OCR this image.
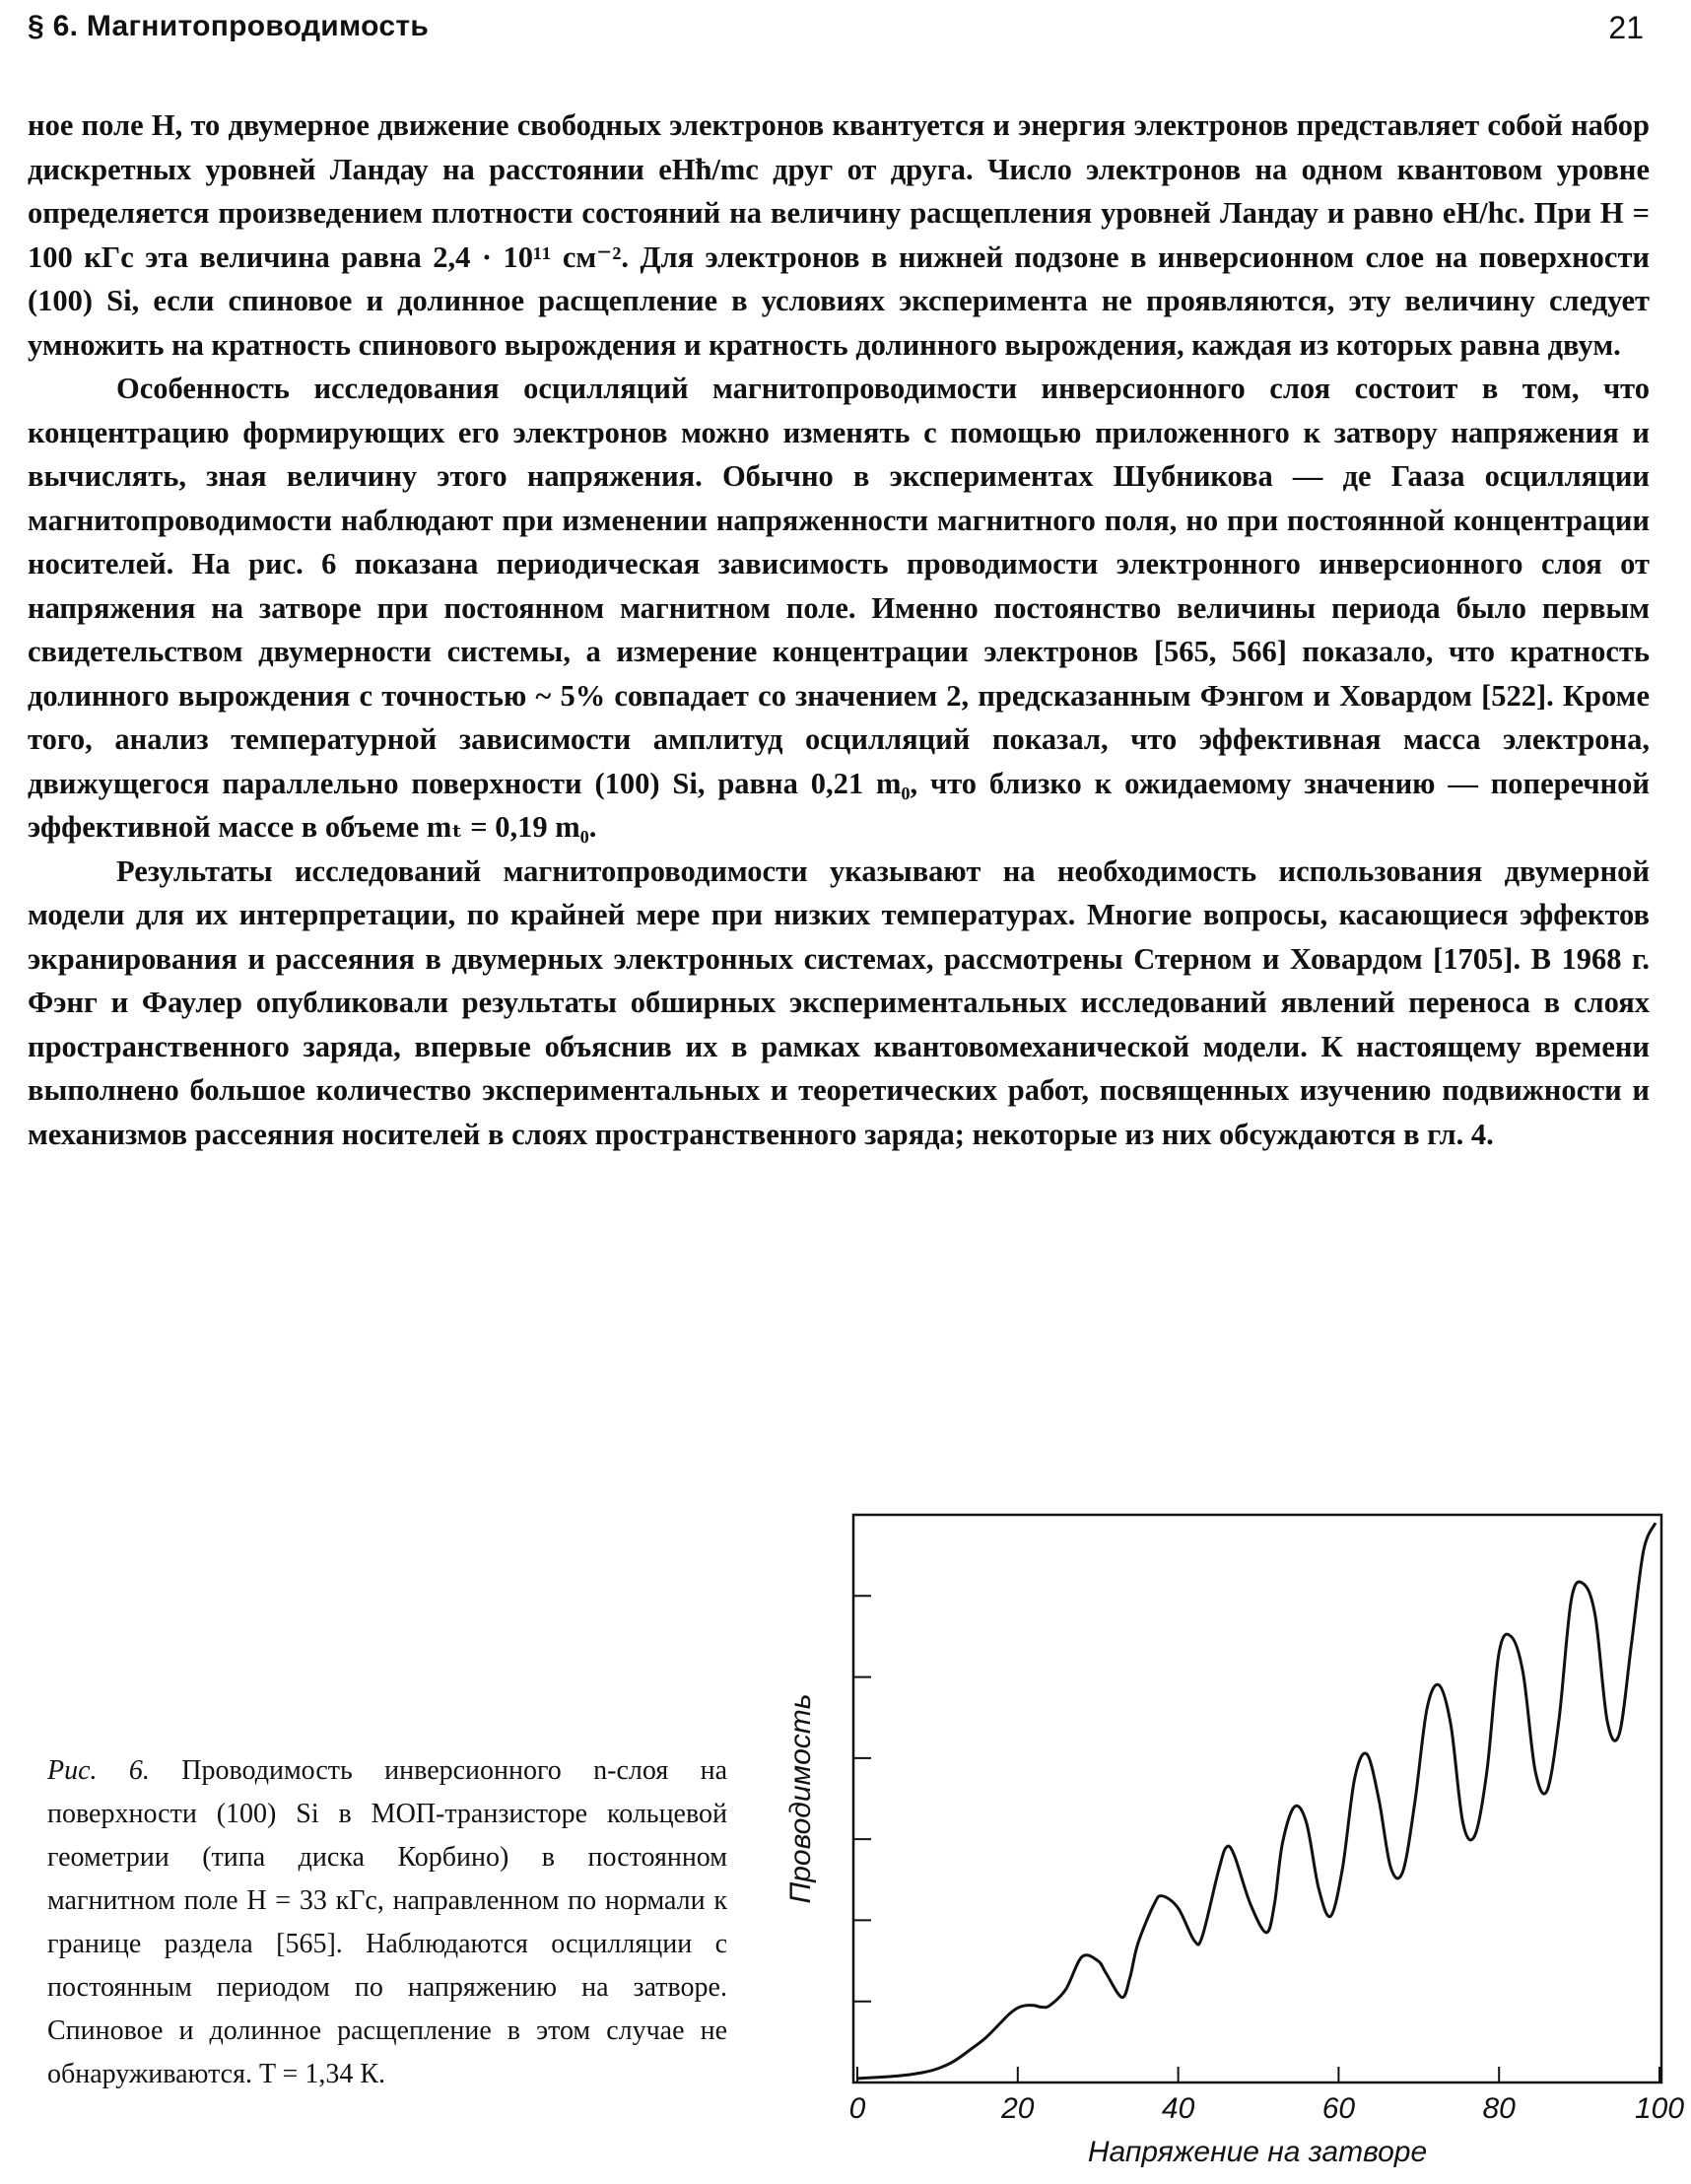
§ 6. Магнитопроводимость	21

ное поле H, то двумерное движение свободных электронов квантуется и энергия электронов представляет собой набор дискретных уровней Ландау на расстоянии eHħ/mc друг от друга. Число электронов на одном квантовом уровне определяется произведением плотности состояний на величину расщепления уровней Ландау и равно eH/hc. При H = 100 кГс эта величина равна 2,4 · 10¹¹ см⁻². Для электронов в нижней подзоне в инверсионном слое на поверхности (100) Si, если спиновое и долинное расщепление в условиях эксперимента не проявляются, эту величину следует умножить на кратность спинового вырождения и кратность долинного вырождения, каждая из которых равна двум.

Особенность исследования осцилляций магнитопроводимости инверсионного слоя состоит в том, что концентрацию формирующих его электронов можно изменять с помощью приложенного к затвору напряжения и вычислять, зная величину этого напряжения. Обычно в экспериментах Шубникова — де Гааза осцилляции магнитопроводимости наблюдают при изменении напряженности магнитного поля, но при постоянной концентрации носителей. На рис. 6 показана периодическая зависимость проводимости электронного инверсионного слоя от напряжения на затворе при постоянном магнитном поле. Именно постоянство величины периода было первым свидетельством двумерности системы, а измерение концентрации электронов [565, 566] показало, что кратность долинного вырождения с точностью ~ 5% совпадает со значением 2, предсказанным Фэнгом и Ховардом [522]. Кроме того, анализ температурной зависимости амплитуд осцилляций показал, что эффективная масса электрона, движущегося параллельно поверхности (100) Si, равна 0,21 m₀, что близко к ожидаемому значению — поперечной эффективной массе в объеме mₜ = 0,19 m₀.

Результаты исследований магнитопроводимости указывают на необходимость использования двумерной модели для их интерпретации, по крайней мере при низких температурах. Многие вопросы, касающиеся эффектов экранирования и рассеяния в двумерных электронных системах, рассмотрены Стерном и Ховардом [1705]. В 1968 г. Фэнг и Фаулер опубликовали результаты обширных экспериментальных исследований явлений переноса в слоях пространственного заряда, впервые объяснив их в рамках квантовомеханической модели. К настоящему времени выполнено большое количество экспериментальных и теоретических работ, посвященных изучению подвижности и механизмов рассеяния носителей в слоях пространственного заряда; некоторые из них обсуждаются в гл. 4.

Рис. 6. Проводимость инверсионного n-слоя на поверхности (100) Si в МОП-транзисторе кольцевой геометрии (типа диска Корбино) в постоянном магнитном поле H = 33 кГс, направленном по нормали к границе раздела [565]. Наблюдаются осцилляции с постоянным периодом по напряжению на затворе. Спиновое и долинное расщепление в этом случае не обнаруживаются. T = 1,34 К.
0	20	40	60	80	100
Напряжение на затворе
Проводимость
